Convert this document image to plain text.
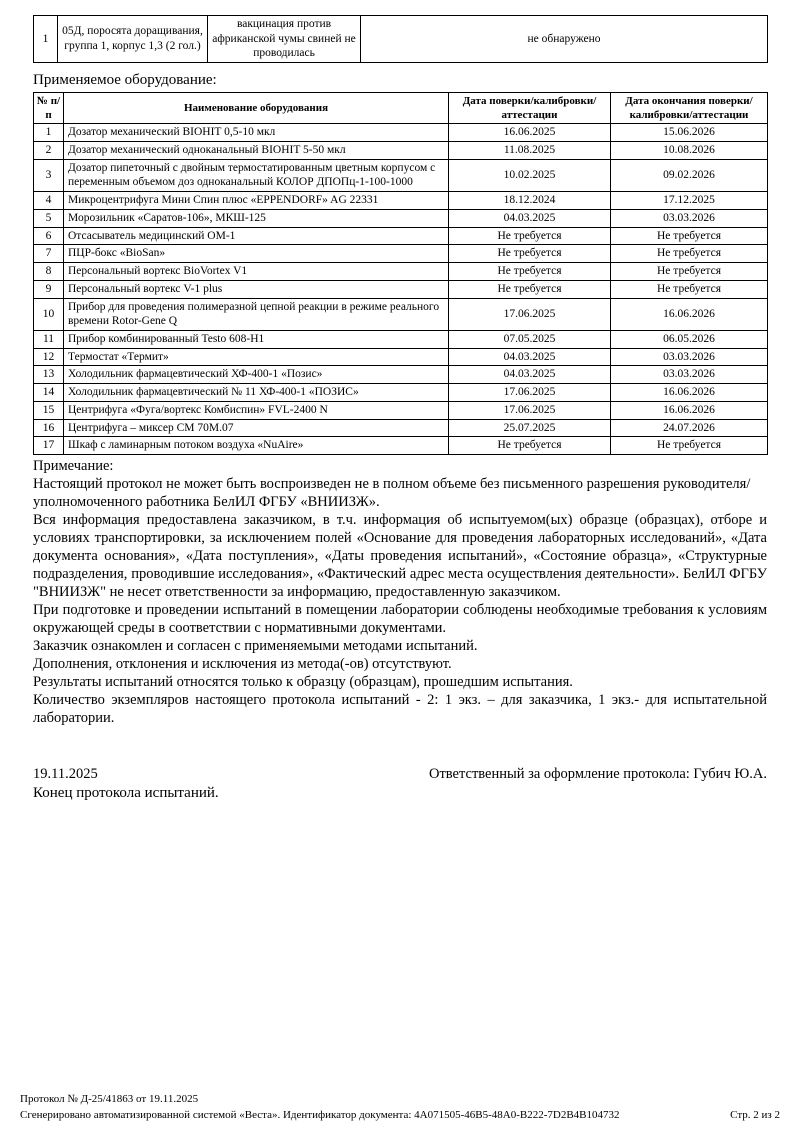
1	05Д, поросята доращивания, группа 1, корпус 1,3 (2 гол.)	вакцинация против африканской чумы свиней не проводилась	не обнаружено
Применяемое оборудование:
№ п/п	Наименование оборудования	Дата поверки/калибровки/аттестации	Дата окончания поверки/калибровки/аттестации
1	Дозатор механический BIOHIT 0,5-10 мкл	16.06.2025	15.06.2026
2	Дозатор механический одноканальный BIOHIT 5-50 мкл	11.08.2025	10.08.2026
3	Дозатор пипеточный с двойным термостатированным цветным корпусом с переменным объемом доз одноканальный КОЛОР ДПОПц-1-100-1000	10.02.2025	09.02.2026
4	Микроцентрифуга Мини Спин плюс «EPPENDORF» AG 22331	18.12.2024	17.12.2025
5	Морозильник «Саратов-106», МКШ-125	04.03.2025	03.03.2026
6	Отсасыватель медицинский ОМ-1	Не требуется	Не требуется
7	ПЦР-бокс «BioSan»	Не требуется	Не требуется
8	Персональный вортекс BioVortex V1	Не требуется	Не требуется
9	Персональный вортекс V-1 plus	Не требуется	Не требуется
10	Прибор для проведения полимеразной цепной реакции в режиме реального времени Rotor-Gene Q	17.06.2025	16.06.2026
11	Прибор комбинированный Testo 608-H1	07.05.2025	06.05.2026
12	Термостат «Термит»	04.03.2025	03.03.2026
13	Холодильник фармацевтический ХФ-400-1 «Позис»	04.03.2025	03.03.2026
14	Холодильник фармацевтический № 11 ХФ-400-1 «ПОЗИС»	17.06.2025	16.06.2026
15	Центрифуга «Фуга/вортекс Комбиспин» FVL-2400 N	17.06.2025	16.06.2026
16	Центрифуга – миксер СМ 70М.07	25.07.2025	24.07.2026
17	Шкаф с ламинарным потоком воздуха «NuAire»	Не требуется	Не требуется

Примечание:

Настоящий протокол не может быть воспроизведен не в полном объеме без письменного разрешения руководителя/уполномоченного работника БелИЛ ФГБУ «ВНИИЗЖ».

Вся информация предоставлена заказчиком, в т.ч. информация об испытуемом(ых) образце (образцах), отборе и условиях транспортировки, за исключением полей «Основание для проведения лабораторных исследований», «Дата документа основания», «Дата поступления», «Даты проведения испытаний», «Состояние образца», «Структурные подразделения, проводившие исследования», «Фактический адрес места осуществления деятельности». БелИЛ ФГБУ "ВНИИЗЖ" не несет ответственности за информацию, предоставленную заказчиком.

При подготовке и проведении испытаний в помещении лаборатории соблюдены необходимые требования к условиям окружающей среды в соответствии с нормативными документами.

Заказчик ознакомлен и согласен с применяемыми методами испытаний.

Дополнения, отклонения и исключения из метода(-ов) отсутствуют.

Результаты испытаний относятся только к образцу (образцам), прошедшим испытания.

Количество экземпляров настоящего протокола испытаний - 2: 1 экз. – для заказчика, 1 экз.- для испытательной лаборатории.

19.11.2025	Ответственный за оформление протокола: Губич Ю.А.
Конец протокола испытаний.
Протокол № Д-25/41863 от 19.11.2025
Сгенерировано автоматизированной системой «Веста». Идентификатор документа: 4A071505-46B5-48A0-B222-7D2B4B104732	Стр. 2 из 2
